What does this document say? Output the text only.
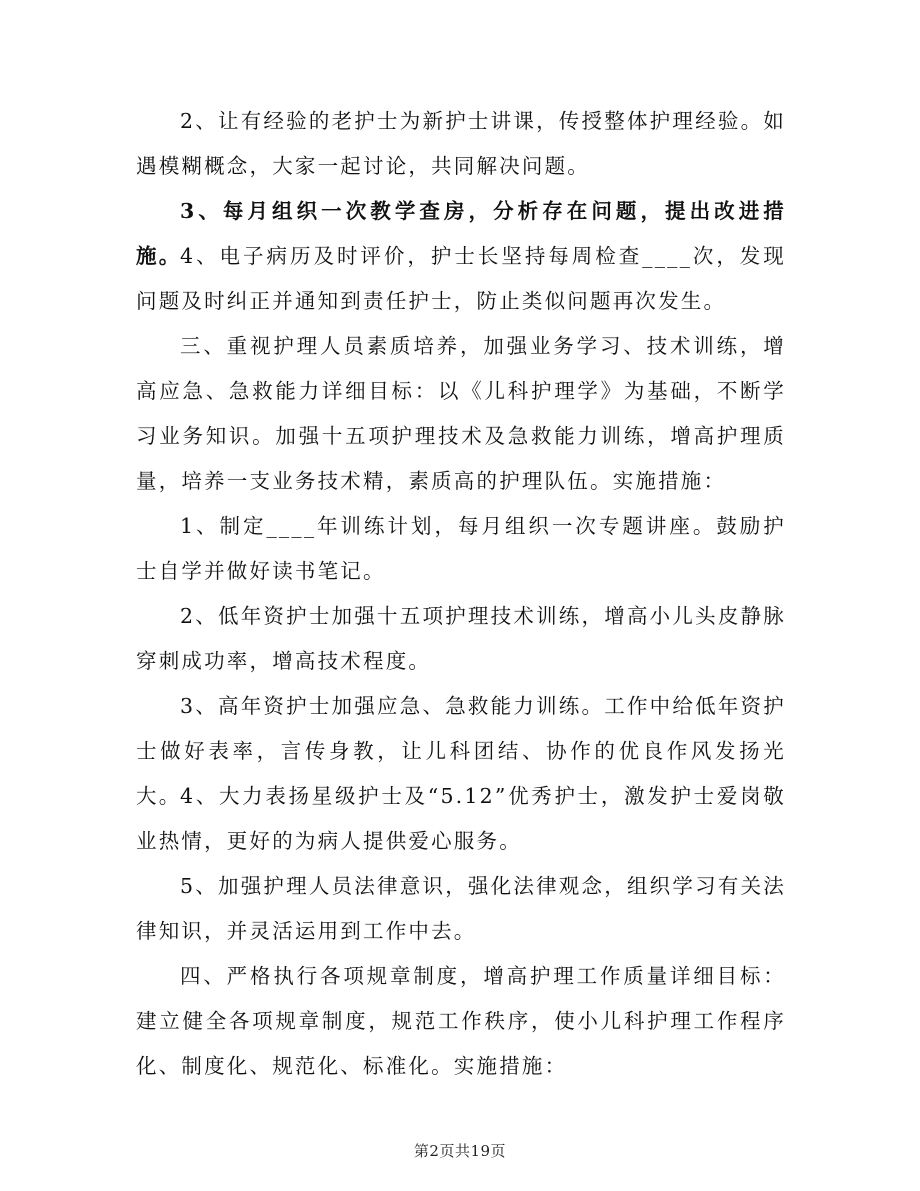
2、让有经验的老护士为新护士讲课，传授整体护理经验。如遇模糊概念，大家一起讨论，共同解决问题。

3、每月组织一次教学查房，分析存在问题，提出改进措施。

4、电子病历及时评价，护士长坚持每周检查____次，发现问题及时纠正并通知到责任护士，防止类似问题再次发生。

三、重视护理人员素质培养，加强业务学习、技术训练，增高应急、急救能力详细目标：以《儿科护理学》为基础，不断学习业务知识。加强十五项护理技术及急救能力训练，增高护理质量，培养一支业务技术精，素质高的护理队伍。实施措施：

1、制定____年训练计划，每月组织一次专题讲座。鼓励护士自学并做好读书笔记。

2、低年资护士加强十五项护理技术训练，增高小儿头皮静脉穿刺成功率，增高技术程度。

3、高年资护士加强应急、急救能力训练。工作中给低年资护士做好表率，言传身教，让儿科团结、协作的优良作风发扬光大。

4、大力表扬星级护士及“5.12”优秀护士，激发护士爱岗敬业热情，更好的为病人提供爱心服务。

5、加强护理人员法律意识，强化法律观念，组织学习有关法律知识，并灵活运用到工作中去。

四、严格执行各项规章制度，增高护理工作质量详细目标：建立健全各项规章制度，规范工作秩序，使小儿科护理工作程序化、制度化、规范化、标准化。实施措施：

第2页共19页
